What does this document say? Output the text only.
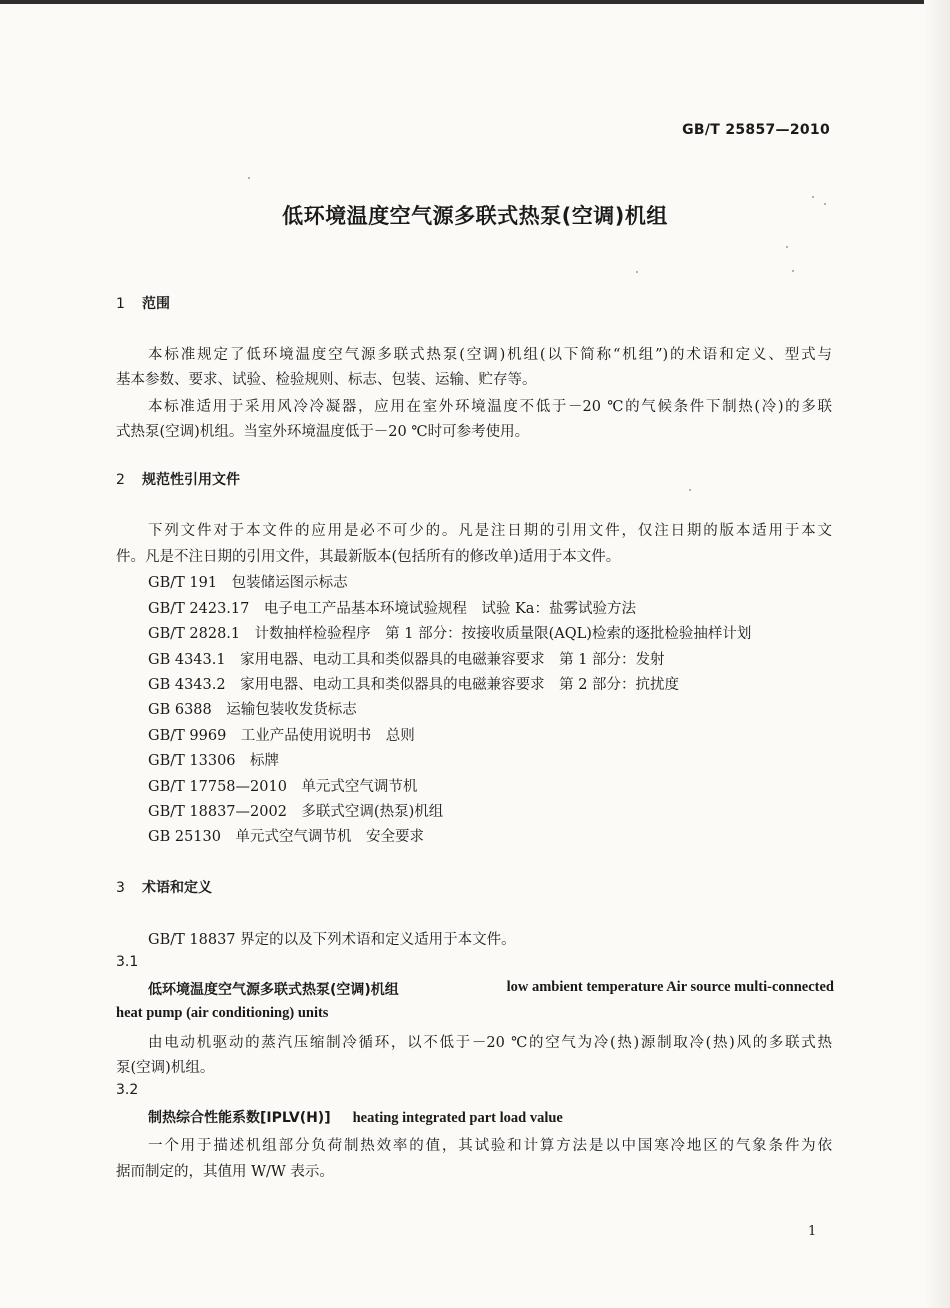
GB/T 25857—2010
低环境温度空气源多联式热泵(空调)机组
1 范围
本标准规定了低环境温度空气源多联式热泵(空调)机组(以下简称“机组”)的术语和定义、型式与
基本参数、要求、试验、检验规则、标志、包装、运输、贮存等。
本标准适用于采用风冷冷凝器，应用在室外环境温度不低于－20 ℃的气候条件下制热(冷)的多联
式热泵(空调)机组。当室外环境温度低于－20 ℃时可参考使用。
2 规范性引用文件
下列文件对于本文件的应用是必不可少的。凡是注日期的引用文件，仅注日期的版本适用于本文
件。凡是不注日期的引用文件，其最新版本(包括所有的修改单)适用于本文件。
GB/T 191　包装储运图示标志
GB/T 2423.17　电子电工产品基本环境试验规程　试验 Ka：盐雾试验方法
GB/T 2828.1　计数抽样检验程序　第 1 部分：按接收质量限(AQL)检索的逐批检验抽样计划
GB 4343.1　家用电器、电动工具和类似器具的电磁兼容要求　第 1 部分：发射
GB 4343.2　家用电器、电动工具和类似器具的电磁兼容要求　第 2 部分：抗扰度
GB 6388　运输包装收发货标志
GB/T 9969　工业产品使用说明书　总则
GB/T 13306　标牌
GB/T 17758—2010　单元式空气调节机
GB/T 18837—2002　多联式空调(热泵)机组
GB 25130　单元式空气调节机　安全要求
3 术语和定义
GB/T 18837 界定的以及下列术语和定义适用于本文件。
3.1
低环境温度空气源多联式热泵(空调)机组	low ambient temperature Air source multi-connected
heat pump (air conditioning) units
由电动机驱动的蒸汽压缩制冷循环，以不低于－20 ℃的空气为冷(热)源制取冷(热)风的多联式热
泵(空调)机组。
3.2
制热综合性能系数[IPLV(H)] heating integrated part load value
一个用于描述机组部分负荷制热效率的值，其试验和计算方法是以中国寒冷地区的气象条件为依
据而制定的，其值用 W/W 表示。
1
